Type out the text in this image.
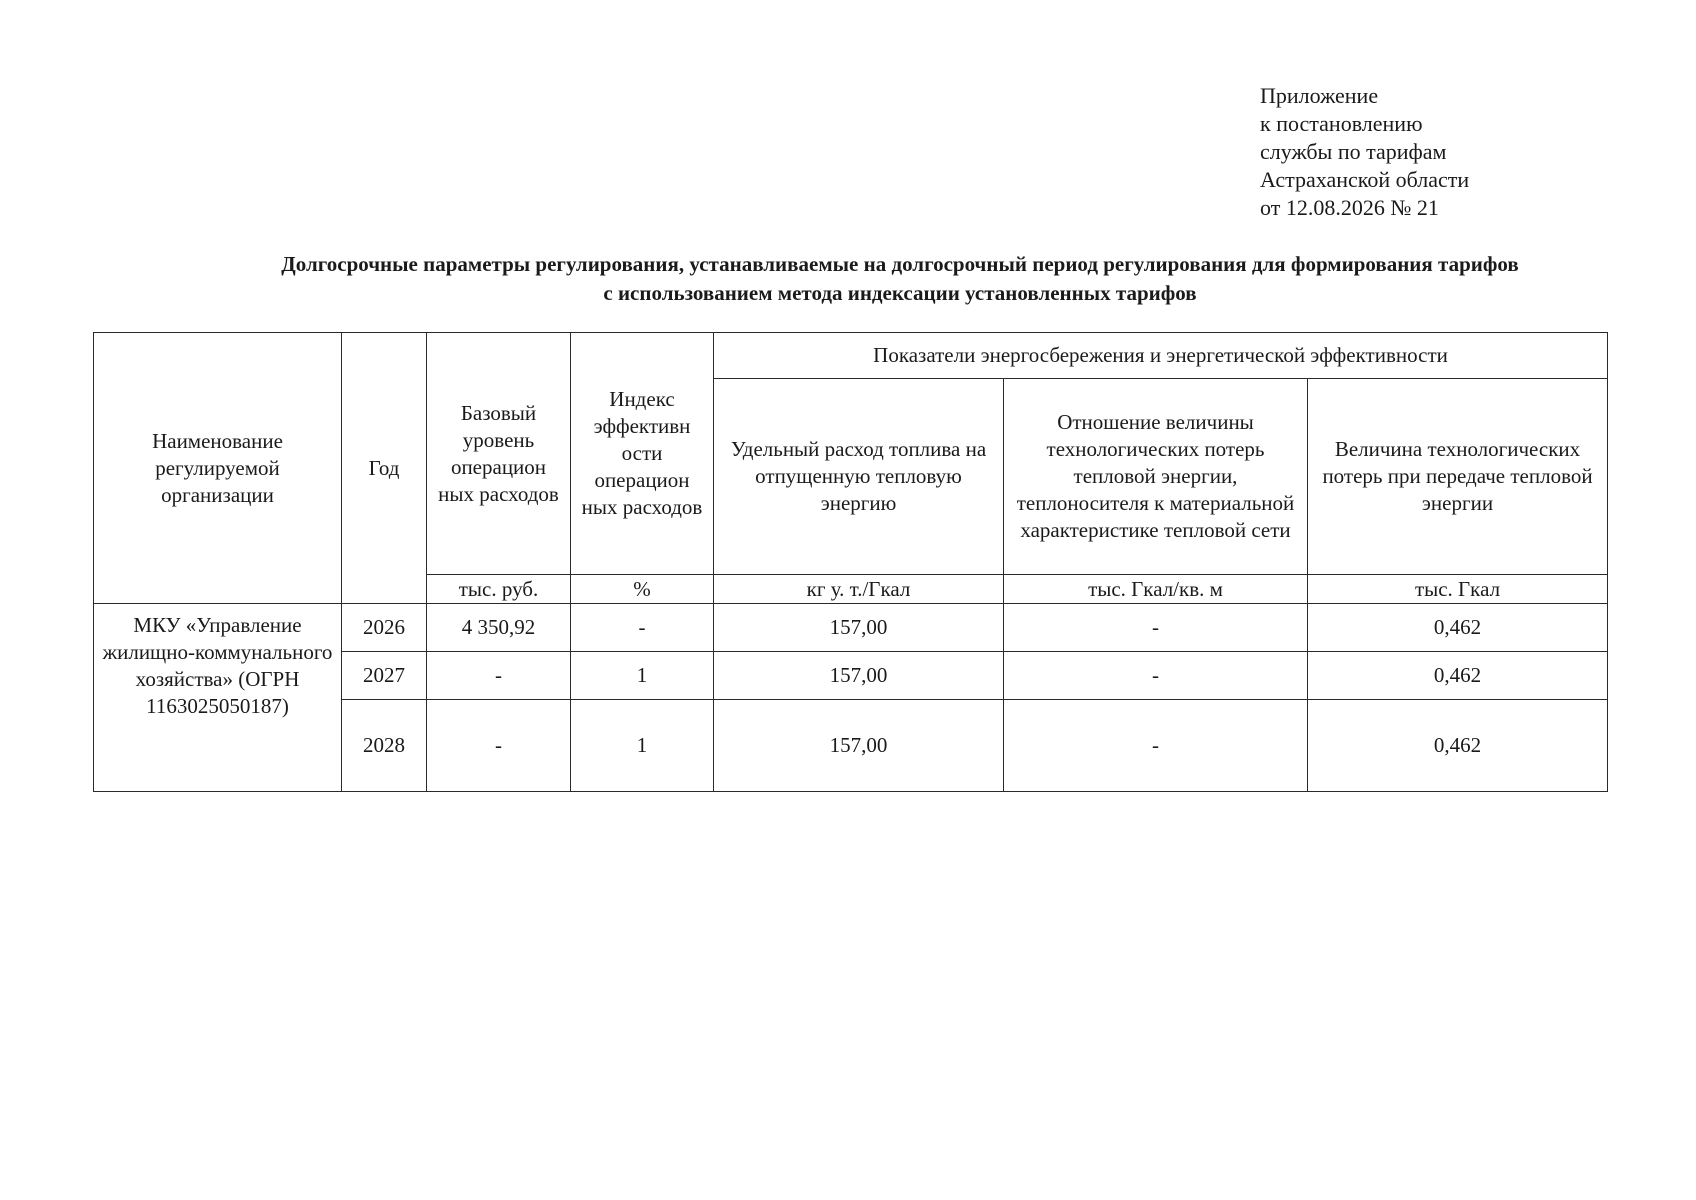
Приложение
к постановлению
службы по тарифам
Астраханской области
от 12.08.2026 № 21
Долгосрочные параметры регулирования, устанавливаемые на долгосрочный период регулирования для формирования тарифов
с использованием метода индексации установленных тарифов
Наименование регулируемой организации	Год	Базовый уровень операцион ных расходов	Индекс эффективн ости операцион ных расходов	Показатели энергосбережения и энергетической эффективности		
				Удельный расход топлива на отпущенную тепловую энергию	Отношение величины технологических потерь тепловой энергии, теплоносителя к материальной характеристике тепловой сети	Величина технологических потерь при передаче тепловой энергии
		тыс. руб.	%	кг у. т./Гкал	тыс. Гкал/кв. м	тыс. Гкал
МКУ «Управление жилищно-коммунального хозяйства» (ОГРН 1163025050187)	2026	4 350,92	-	157,00	-	0,462
	2027	-	1	157,00	-	0,462
	2028	-	1	157,00	-	0,462
